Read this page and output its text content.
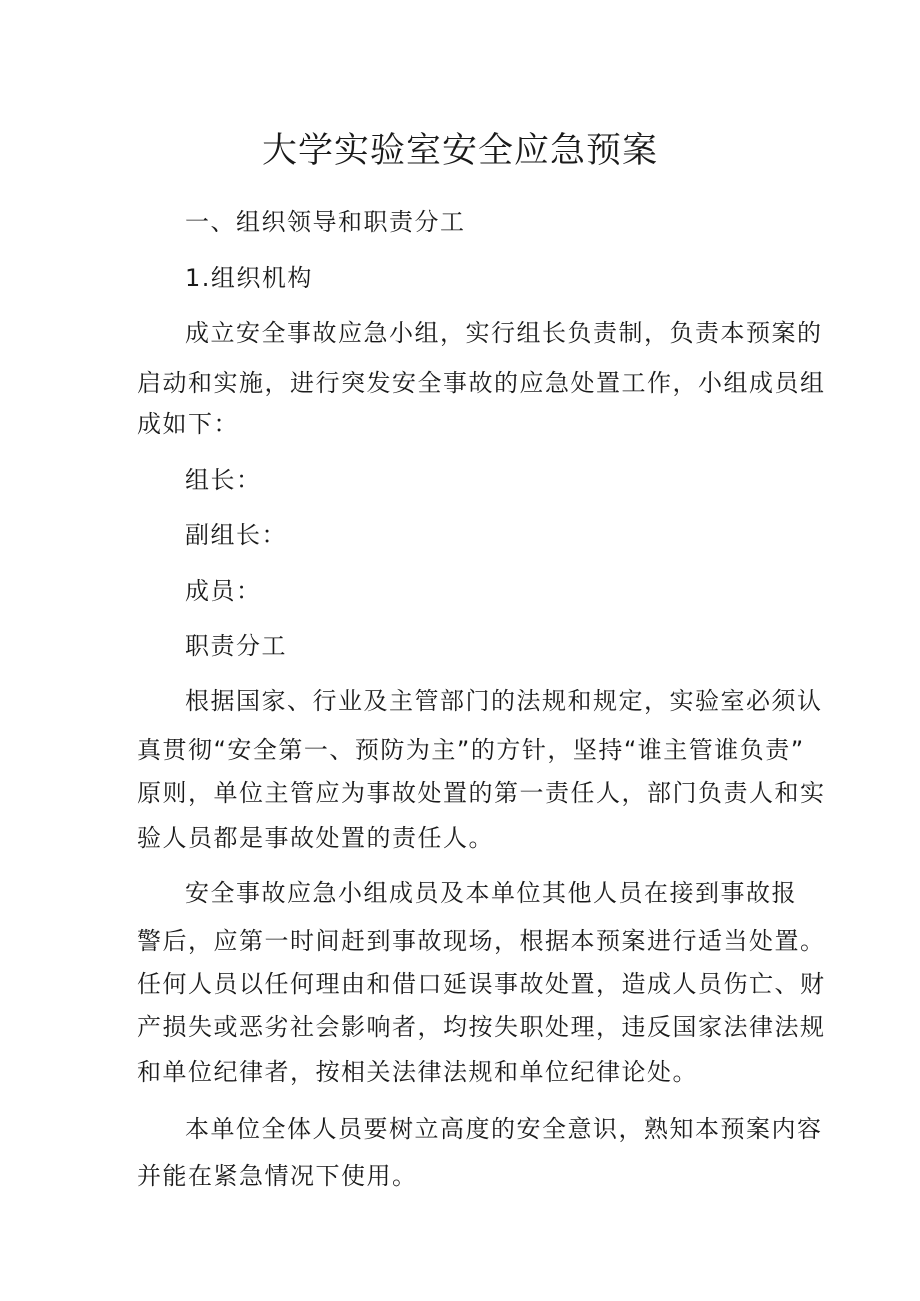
大学实验室安全应急预案
一、组织领导和职责分工
1.组织机构
成立安全事故应急小组，实行组长负责制，负责本预案的
启动和实施，进行突发安全事故的应急处置工作，小组成员组
成如下：
组长：
副组长：
成员：
职责分工
根据国家、行业及主管部门的法规和规定，实验室必须认
真贯彻“安全第一、预防为主”的方针，坚持“谁主管谁负责”
原则，单位主管应为事故处置的第一责任人，部门负责人和实
验人员都是事故处置的责任人。
安全事故应急小组成员及本单位其他人员在接到事故报
警后，应第一时间赶到事故现场，根据本预案进行适当处置。
任何人员以任何理由和借口延误事故处置，造成人员伤亡、财
产损失或恶劣社会影响者，均按失职处理，违反国家法律法规
和单位纪律者，按相关法律法规和单位纪律论处。
本单位全体人员要树立高度的安全意识，熟知本预案内容
并能在紧急情况下使用。
